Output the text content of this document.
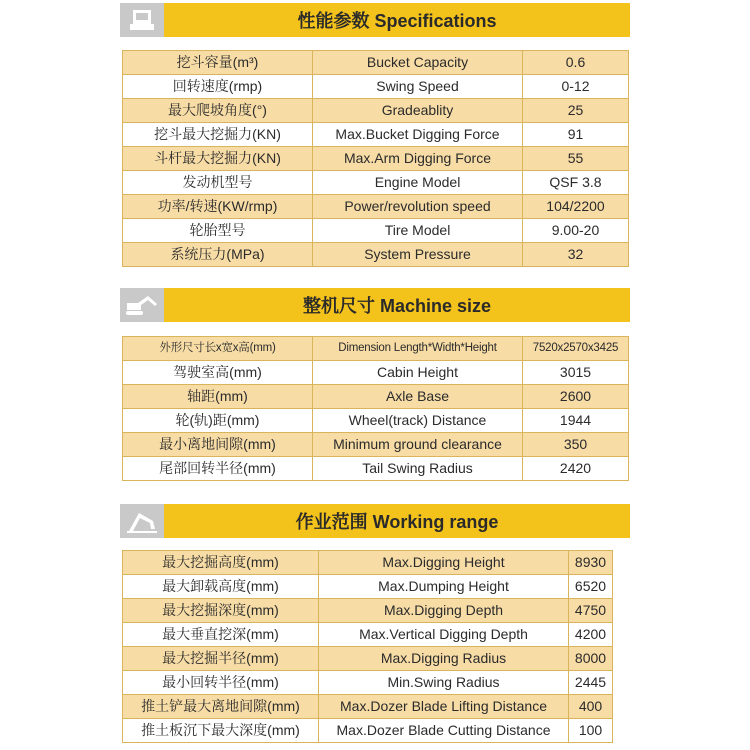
性能参数 Specifications
挖斗容量(m³)	Bucket Capacity	0.6
回转速度(rmp)	Swing Speed	0-12
最大爬坡角度(°)	Gradeablity	25
挖斗最大挖掘力(KN)	Max.Bucket Digging Force	91
斗杆最大挖掘力(KN)	Max.Arm Digging Force	55
发动机型号	Engine Model	QSF 3.8
功率/转速(KW/rmp)	Power/revolution speed	104/2200
轮胎型号	Tire Model	9.00-20
系统压力(MPa)	System Pressure	32
整机尺寸 Machine size
外形尺寸长x宽x高(mm)	Dimension Length*Width*Height	7520x2570x3425
驾驶室高(mm)	Cabin Height	3015
轴距(mm)	Axle Base	2600
轮(轨)距(mm)	Wheel(track) Distance	1944
最小离地间隙(mm)	Minimum ground clearance	350
尾部回转半径(mm)	Tail Swing Radius	2420
作业范围 Working range
最大挖掘高度(mm)	Max.Digging Height	8930
最大卸载高度(mm)	Max.Dumping Height	6520
最大挖掘深度(mm)	Max.Digging Depth	4750
最大垂直挖深(mm)	Max.Vertical Digging Depth	4200
最大挖掘半径(mm)	Max.Digging Radius	8000
最小回转半径(mm)	Min.Swing Radius	2445
推土铲最大离地间隙(mm)	Max.Dozer Blade Lifting Distance	400
推土板沉下最大深度(mm)	Max.Dozer Blade Cutting Distance	100
